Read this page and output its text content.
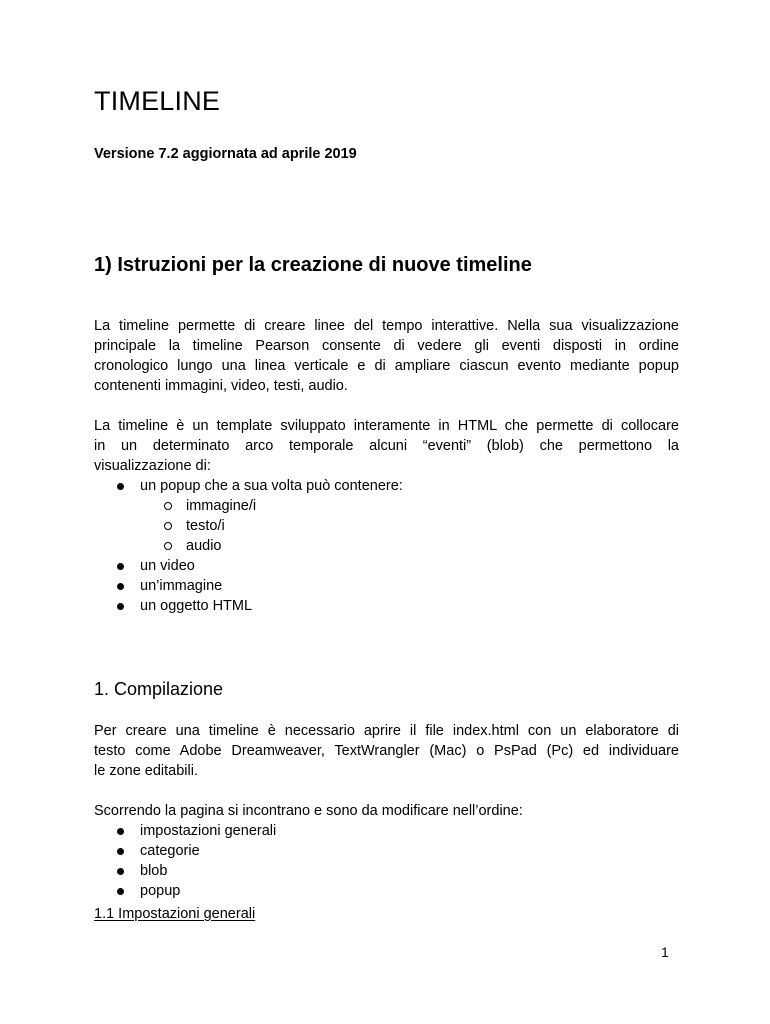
TIMELINE
Versione 7.2 aggiornata ad aprile 2019
1) Istruzioni per la creazione di nuove timeline
La timeline permette di creare linee del tempo interattive. Nella sua visualizzazione
principale la timeline Pearson consente di vedere gli eventi disposti in ordine
cronologico lungo una linea verticale e di ampliare ciascun evento mediante popup
contenenti immagini, video, testi, audio.
La timeline è un template sviluppato interamente in HTML che permette di collocare
in un determinato arco temporale alcuni “eventi” (blob) che permettono la
visualizzazione di:
un popup che a sua volta può contenere:
immagine/i
testo/i
audio
un video
un’immagine
un oggetto HTML
1. Compilazione
Per creare una timeline è necessario aprire il file index.html con un elaboratore di
testo come Adobe Dreamweaver, TextWrangler (Mac) o PsPad (Pc) ed individuare
le zone editabili.
Scorrendo la pagina si incontrano e sono da modificare nell’ordine:
impostazioni generali
categorie
blob
popup
1.1 Impostazioni generali
1
